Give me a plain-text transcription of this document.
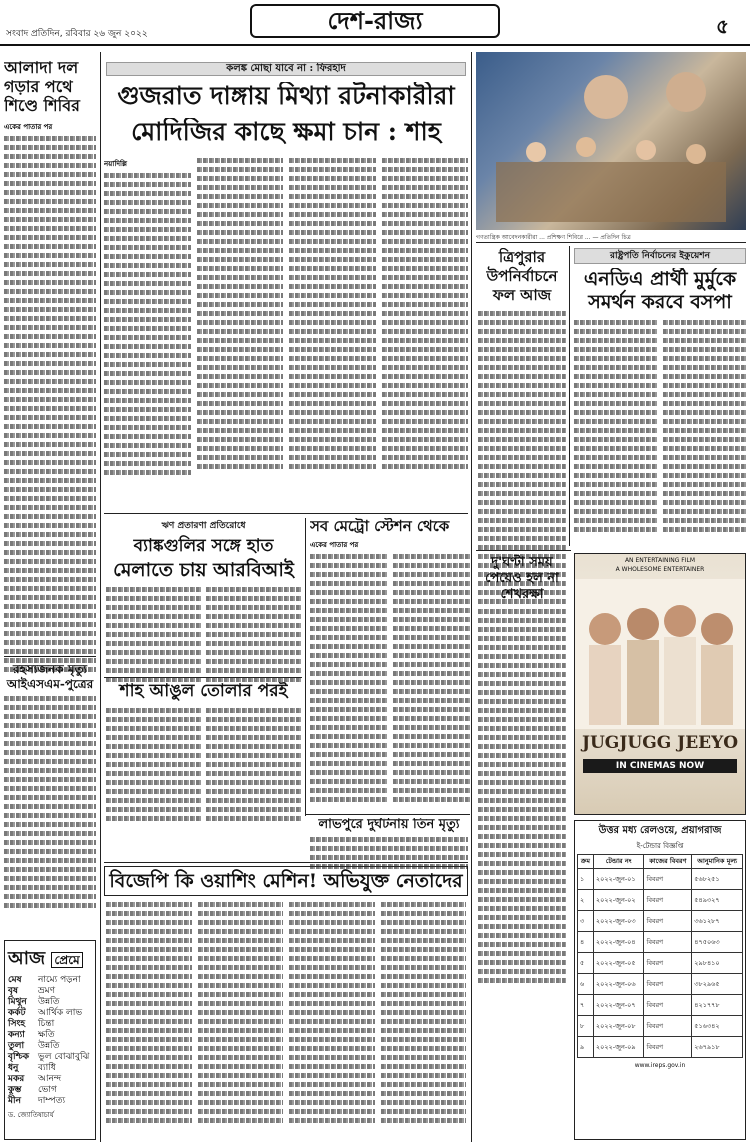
সংবাদ প্রতিদিন, রবিবার ২৬ জুন ২০২২	দেশ-রাজ্য	৫
আলাদা দল গড়ার পথে শিণ্ডে শিবির
একের পাতার পর
রহস্যজনক মৃত্যু আইএসএম-পুত্রের
আজ প্রেমে
মেষ	নাম্যে পড়না
বৃষ	ভ্রমণ
মিথুন	উন্নতি
কর্কট	আর্থিক লাভ
সিংহ	চিন্তা
কন্যা	ক্ষতি
তুলা	উন্নতি
বৃশ্চিক ভুল বোঝাবুঝি
ধনু	ব্যাধি
মকর	আনন্দ
কুম্ভ	ভোগ
মীন	দাম্পত্য
ড. জ্যোতিষাচার্য
কলঙ্ক মোছা যাবে না : ফিরহাদ
গুজরাত দাঙ্গায় মিথ্যা রটনাকারীরা
মোদিজির কাছে ক্ষমা চান : শাহ
নয়াদিল্লি
ঋণ প্রতারণা প্রতিরোধে
ব্যাঙ্কগুলির সঙ্গে হাত
মেলাতে চায় আরবিআই
শাহ আঙুল তোলার পরই
সব মেট্রো স্টেশন থেকে
একের পাতার পর
লাভপুরে দুর্ঘটনায় তিন মৃত্যু
বিজেপি কি ওয়াশিং মেশিন! অভিযুক্ত নেতাদের
গণতান্ত্রিক আবেদনকারীরা ... প্রশিক্ষণ শিবিরে ... — প্রতিদিন চিত্র
ত্রিপুরার উপনির্বাচনে ফল আজ
রাষ্ট্রপতি নির্বাচনের ইকুয়েশন
এনডিএ প্রার্থী মুর্মুকে সমর্থন করবে বসপা
দু'ঘণ্টা সময় পেয়েও হল না শেখরক্ষা
AN ENTERTAINING FILM
A WHOLESOME ENTERTAINER
JUGJUGG JEEYO
IN CINEMAS NOW
উত্তর মধ্য রেলওয়ে, প্রয়াগরাজ
ই-টেন্ডার বিজ্ঞপ্তি
ক্রম	টেন্ডার নং	কাজের বিবরণ	আনুমানিক মূল্য
১	২০২২-জুন-০১	বিবরণ	৫৬৮২৫১
২	২০২২-জুন-০২	বিবরণ	৫৪৯৩২৭
৩	২০২২-জুন-০৩	বিবরণ	৩৬১২৮৭
৪	২০২২-জুন-০৪	বিবরণ	৪৭৫০৬৩
৫	২০২২-জুন-০৫	বিবরণ	২৯৮৪১০
৬	২০২২-জুন-০৬	বিবরণ	৩৮২৯৬৫
৭	২০২২-জুন-০৭	বিবরণ	৪২১৭৭৮
৮	২০২২-জুন-০৮	বিবরণ	৫১৬৩৪২
৯	২০২২-জুন-০৯	বিবরণ	২৬৭৯১৮
www.ireps.gov.in
